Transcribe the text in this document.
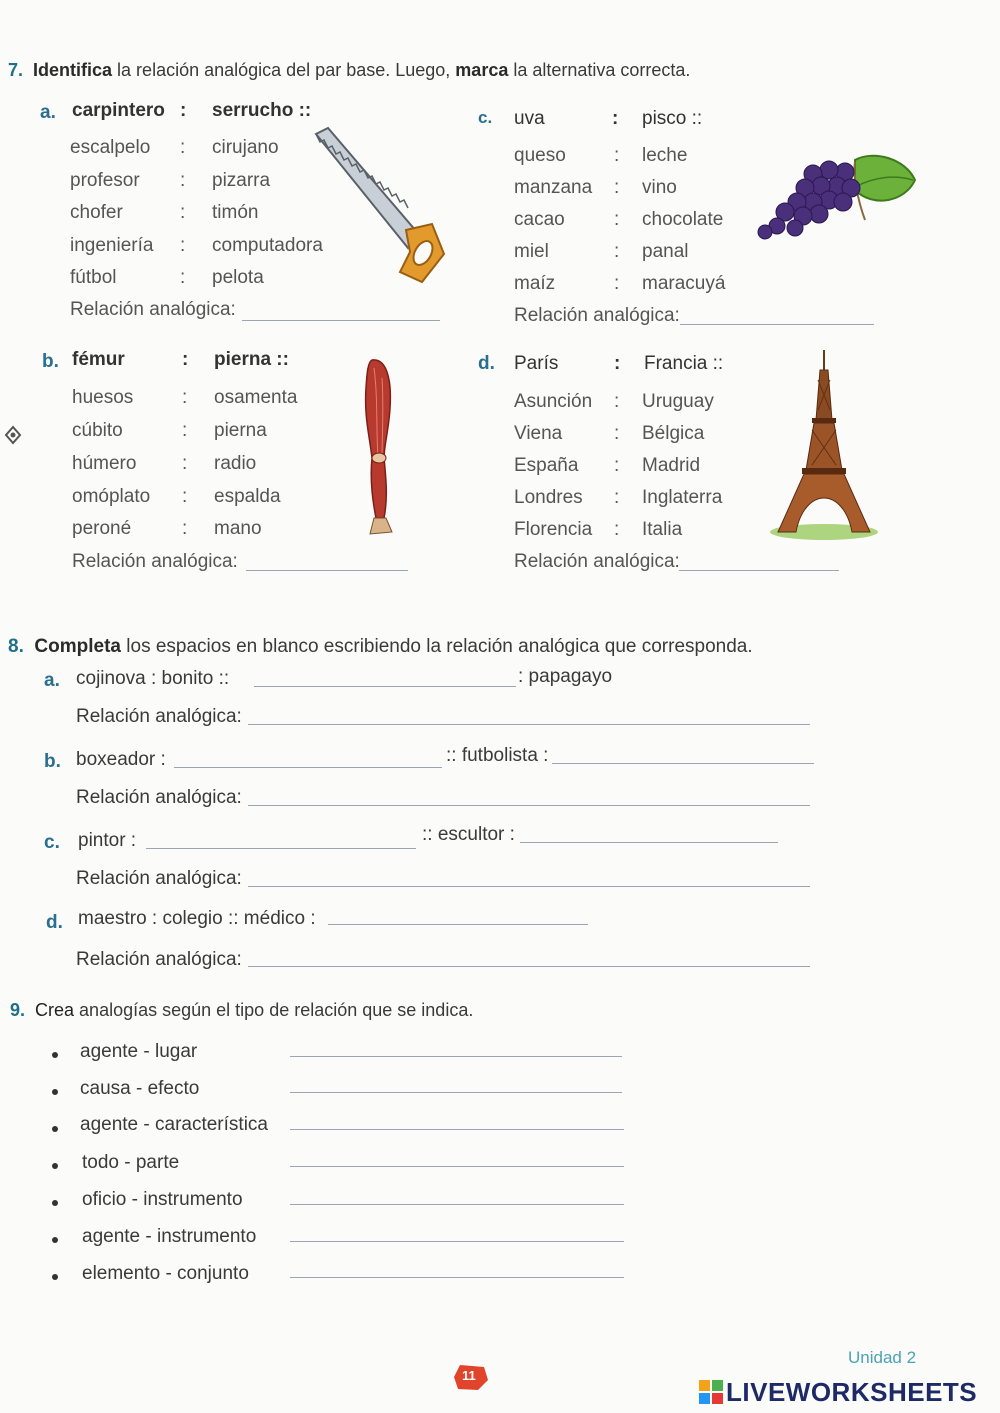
7. Identifica la relación analógica del par base. Luego, marca la alternativa correcta.
a. carpintero : serrucho ::
escalpelo : cirujano
profesor : pizarra
chofer	: timón
ingeniería : computadora
fútbol	: pelota
Relación analógica:
c. uva	: pisco ::
queso	: leche
manzana : vino
cacao	: chocolate
miel	: panal
maíz	: maracuyá
Relación analógica:
b. fémur	: pierna ::
huesos	: osamenta
cúbito	: pierna
húmero : radio
omóplato : espalda
peroné	: mano
Relación analógica:
d. París	: Francia ::
Asunción : Uruguay
Viena	: Bélgica
España : Madrid
Londres : Inglaterra
Florencia : Italia
Relación analógica:
8. Completa los espacios en blanco escribiendo la relación analógica que corresponda.
a. cojinova : bonito ::	: papagayo
Relación analógica:
b. boxeador :	:: futbolista :
Relación analógica:
c. pintor :	:: escultor :
Relación analógica:
d. maestro : colegio :: médico :
Relación analógica:
9. Crea analogías según el tipo de relación que se indica.
agente - lugar
causa - efecto
agente - característica
todo - parte
oficio - instrumento
agente - instrumento
elemento - conjunto
Unidad 2
11
LIVEWORKSHEETS
